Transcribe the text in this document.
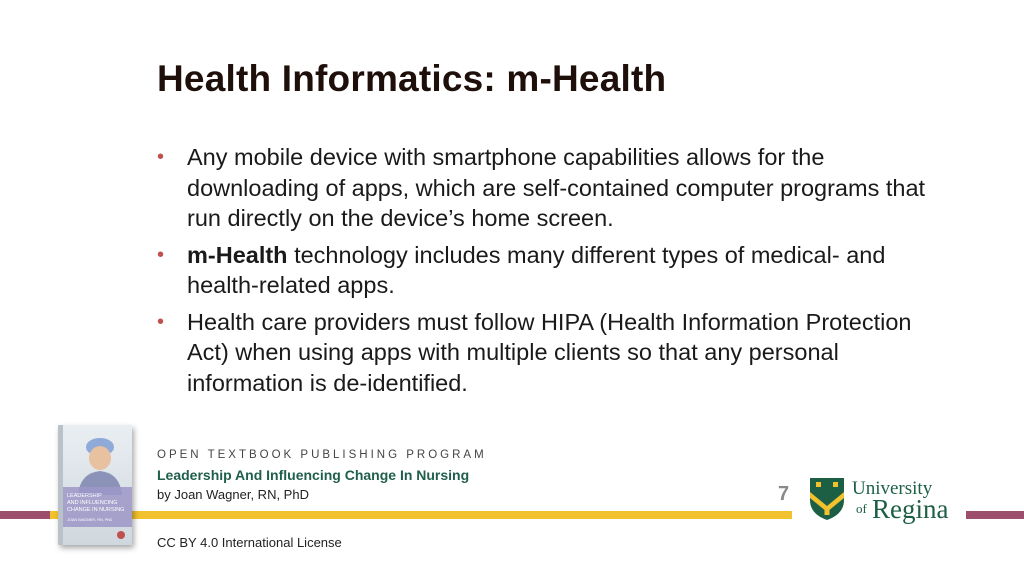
Health Informatics: m-Health
• Any mobile device with smartphone capabilities allows for the downloading of apps, which are self-contained computer programs that run directly on the device’s home screen.
• m-Health technology includes many different types of medical- and health-related apps.
• Health care providers must follow HIPA (Health Information Protection Act) when using apps with multiple clients so that any personal information is de-identified.
LEADERSHIP
AND INFLUENCING
CHANGE IN NURSING
JOAN WAGNER, RN, PhD
OPEN TEXTBOOK PUBLISHING PROGRAM
Leadership And Influencing Change In Nursing
by Joan Wagner, RN, PhD
CC BY 4.0 International License
7	University
of Regina
